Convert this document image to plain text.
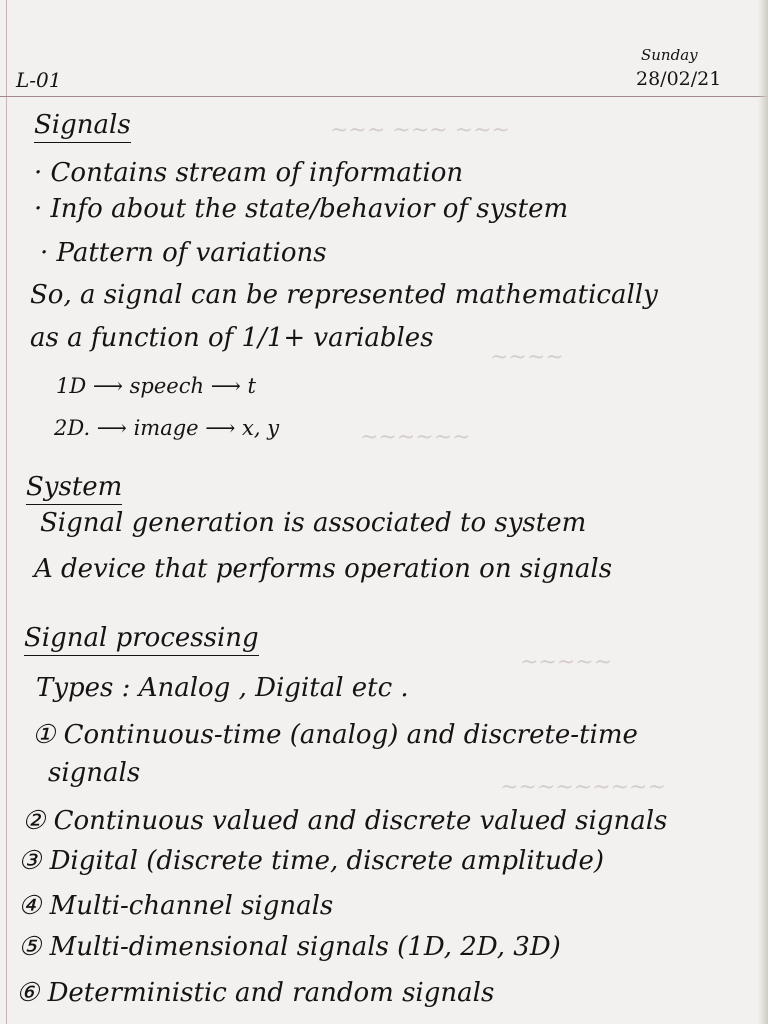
~~~ ~~~ ~~~
~~~~
~~~~~~
~~~~~
~~~~~~~~~
L-01
Sunday
28/02/21
Signals
· Contains stream of information
· Info about the state/behavior of system
· Pattern of variations
So, a signal can be represented mathematically
as a function of 1/1+ variables
1D ⟶ speech ⟶ t
2D. ⟶ image ⟶ x, y
System
Signal generation is associated to system
A device that performs operation on signals
Signal processing
Types : Analog , Digital etc .
① Continuous-time (analog) and discrete-time
signals
② Continuous valued and discrete valued signals
③ Digital (discrete time, discrete amplitude)
④ Multi-channel signals
⑤ Multi-dimensional signals (1D, 2D, 3D)
⑥ Deterministic and random signals
